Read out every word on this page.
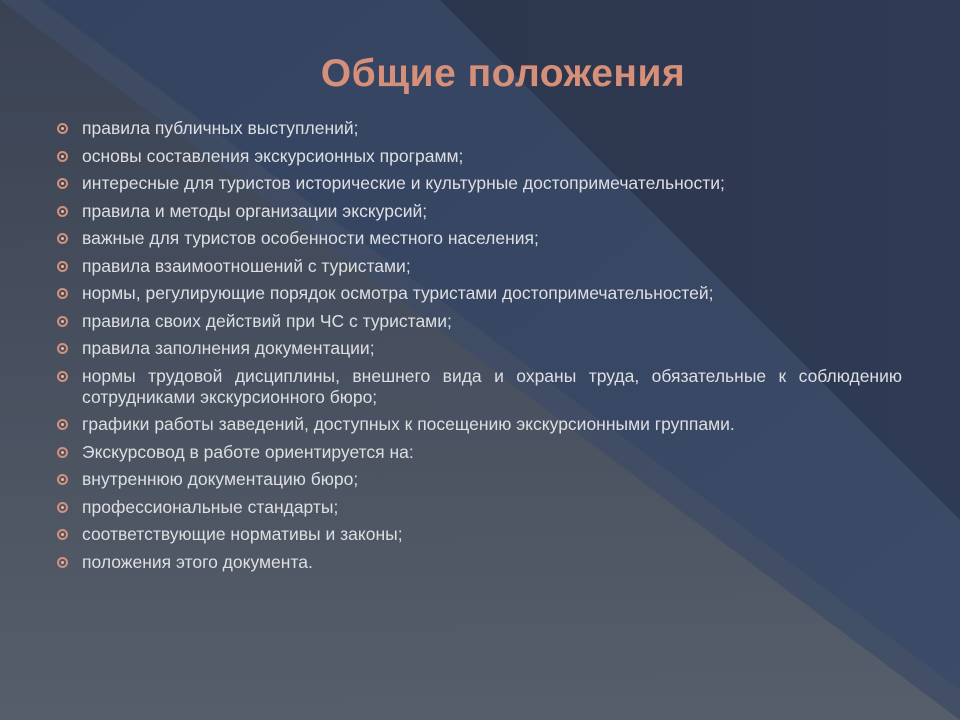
Общие положения
правила публичных выступлений;
основы составления экскурсионных программ;
интересные для туристов исторические и культурные достопримечательности;
правила и методы организации экскурсий;
важные для туристов особенности местного населения;
правила взаимоотношений с туристами;
нормы, регулирующие порядок осмотра туристами достопримечательностей;
правила своих действий при ЧС с туристами;
правила заполнения документации;
нормы трудовой дисциплины, внешнего вида и охраны труда, обязательные к соблюдению сотрудниками экскурсионного бюро;
графики работы заведений, доступных к посещению экскурсионными группами.
Экскурсовод в работе ориентируется на:
внутреннюю документацию бюро;
профессиональные стандарты;
соответствующие нормативы и законы;
положения этого документа.
